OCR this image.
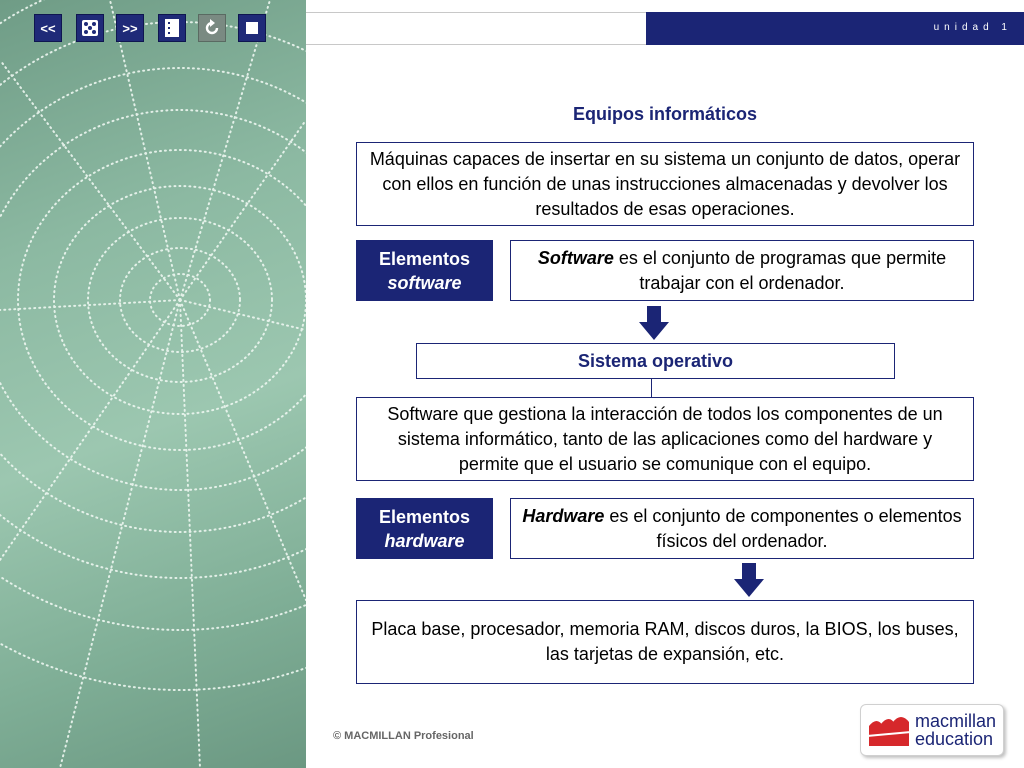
<<	>>	unidad 1
Equipos informáticos
Máquinas capaces de insertar en su sistema un conjunto de datos, operar con ellos en función de unas instrucciones almacenadas y devolver los resultados de esas operaciones.
Elementos
software
Software es el conjunto de programas que permite trabajar con el ordenador.
Sistema operativo
Software que gestiona la interacción de todos los componentes de un sistema informático, tanto de las aplicaciones como del hardware y permite que el usuario se comunique con el equipo.
Elementos
hardware
Hardware es el conjunto de componentes o elementos físicos del ordenador.
Placa base, procesador, memoria RAM, discos duros, la BIOS, los buses, las tarjetas de expansión, etc.
© MACMILLAN Profesional
macmillan
education
